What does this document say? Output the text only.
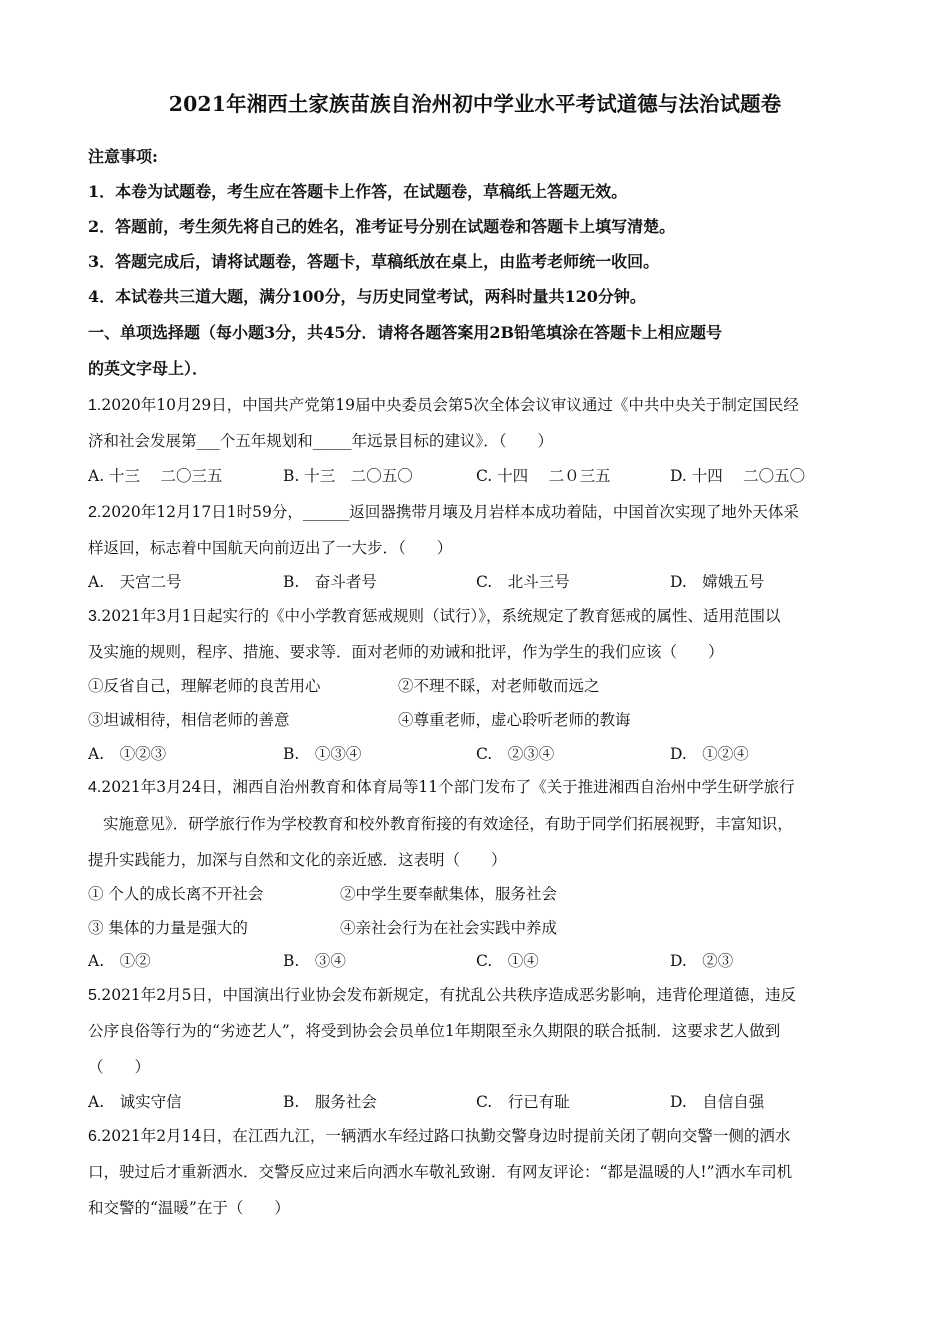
2021年湘西土家族苗族自治州初中学业水平考试道德与法治试题卷
注意事项:
1．本卷为试题卷，考生应在答题卡上作答，在试题卷，草稿纸上答题无效。
2．答题前，考生须先将自己的姓名，准考证号分别在试题卷和答题卡上填写清楚。
3．答题完成后，请将试题卷，答题卡，草稿纸放在桌上，由监考老师统一收回。
4．本试卷共三道大题，满分100分，与历史同堂考试，两科时量共120分钟。
一、单项选择题（每小题3分，共45分．请将各题答案用2B铅笔填涂在答题卡上相应题号
的英文字母上）．
1.2020年10月29日，中国共产党第19届中央委员会第5次全体会议审议通过《中共中央关于制定国民经
济和社会发展第___个五年规划和_____年远景目标的建议》．（　　）
A. 十三　 二〇三五	B. 十三　二〇五〇	C. 十四　 二０三五	D. 十四　 二〇五〇
2.2020年12月17日1时59分，______返回器携带月壤及月岩样本成功着陆，中国首次实现了地外天体采
样返回，标志着中国航天向前迈出了一大步．（　　）
A.　天宫二号	B.　奋斗者号	C.　北斗三号	D.　嫦娥五号
3.2021年3月1日起实行的《中小学教育惩戒规则（试行）》，系统规定了教育惩戒的属性、适用范围以
及实施的规则，程序、措施、要求等．面对老师的劝诫和批评，作为学生的我们应该（　　）
①反省自己，理解老师的良苦用心	②不理不睬，对老师敬而远之
③坦诚相待，相信老师的善意	④尊重老师，虚心聆听老师的教诲
A.　①②③	B.　①③④	C.　②③④	D.　①②④
4.2021年3月24日，湘西自治州教育和体育局等11个部门发布了《关于推进湘西自治州中学生研学旅行
实施意见》．研学旅行作为学校教育和校外教育衔接的有效途径，有助于同学们拓展视野，丰富知识，
提升实践能力，加深与自然和文化的亲近感．这表明（　　）
① 个人的成长离不开社会	②中学生要奉献集体，服务社会
③ 集体的力量是强大的	④亲社会行为在社会实践中养成
A.　①②	B.　③④	C.　①④	D.　②③
5.2021年2月5日，中国演出行业协会发布新规定，有扰乱公共秩序造成恶劣影响，违背伦理道德，违反
公序良俗等行为的“劣迹艺人”，将受到协会会员单位1年期限至永久期限的联合抵制．这要求艺人做到
（　　）
A.　诚实守信	B.　服务社会	C.　行已有耻	D.　自信自强
6.2021年2月14日，在江西九江，一辆洒水车经过路口执勤交警身边时提前关闭了朝向交警一侧的洒水
口，驶过后才重新洒水．交警反应过来后向洒水车敬礼致谢．有网友评论：“都是温暖的人!”洒水车司机
和交警的“温暖”在于（　　）
